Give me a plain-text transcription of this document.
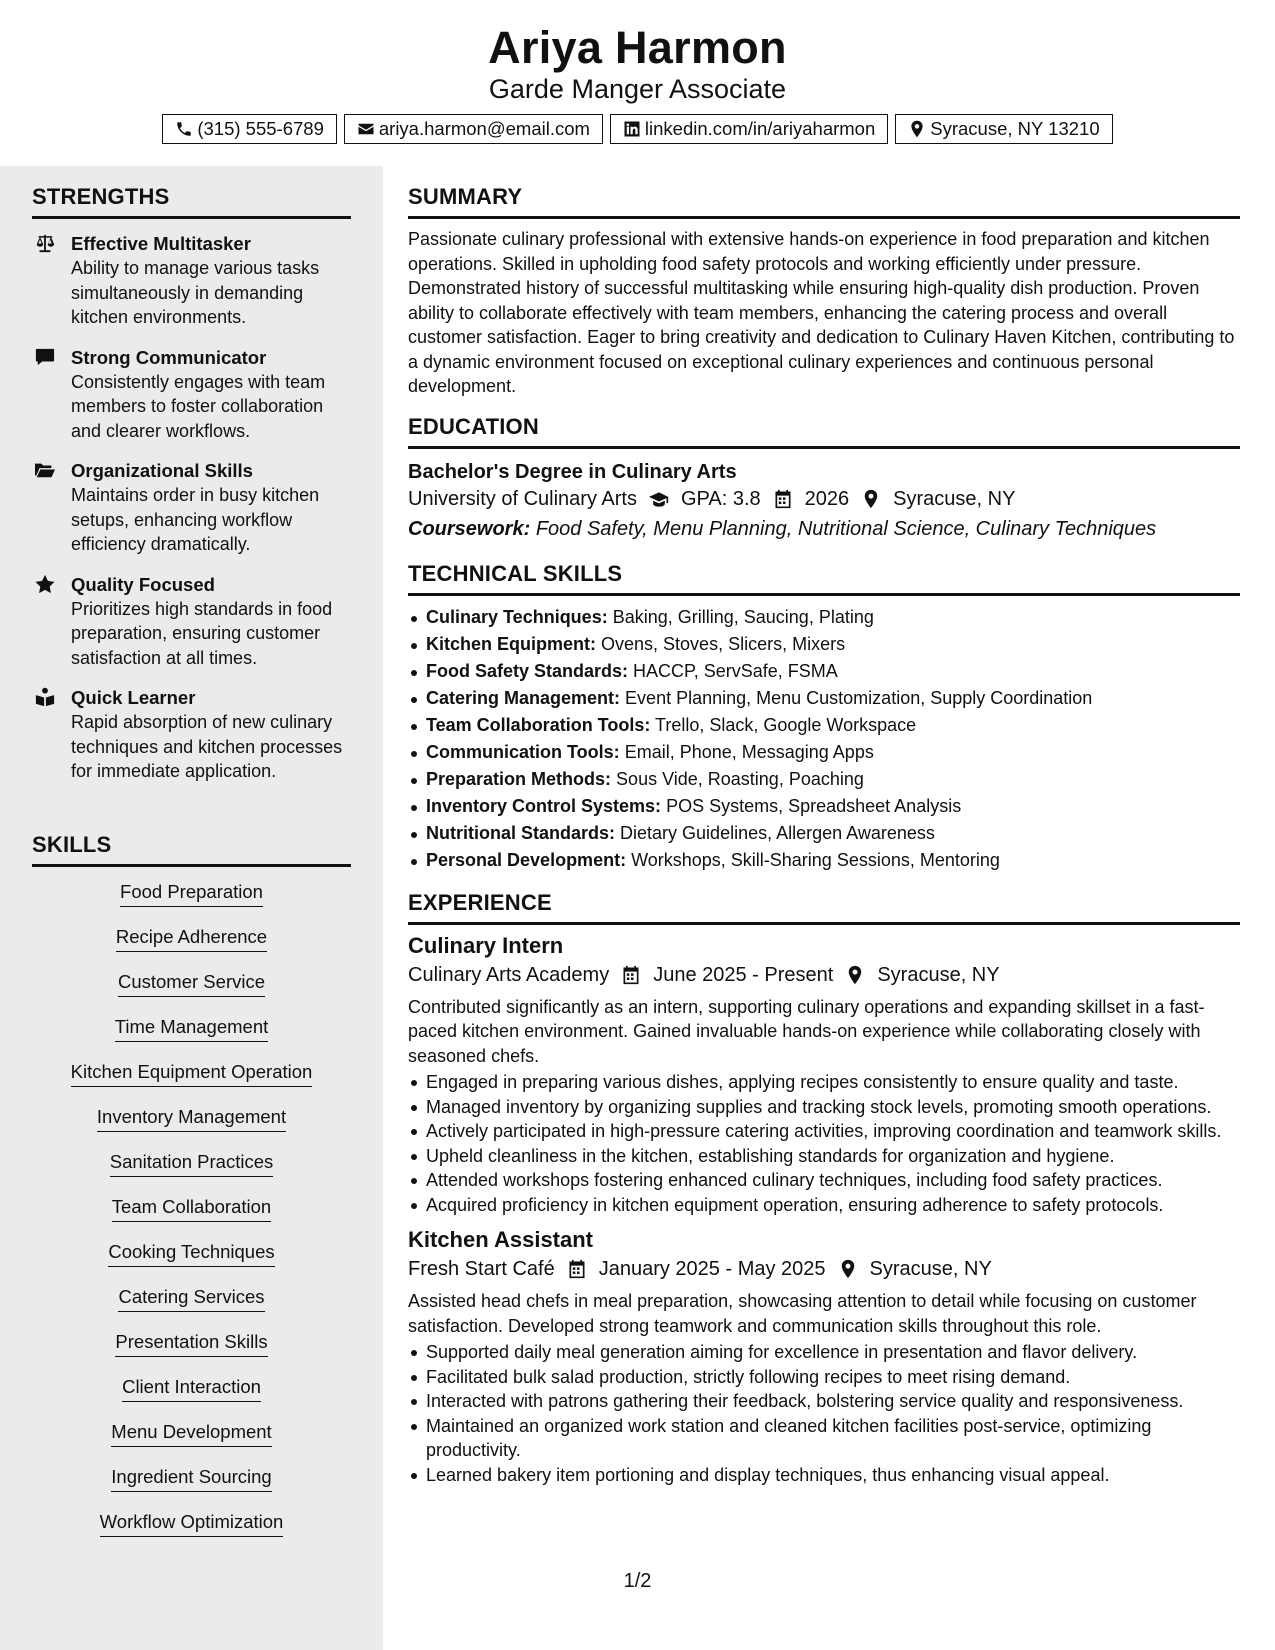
Ariya Harmon
Garde Manger Associate
(315) 555-6789	ariya.harmon@email.com	linkedin.com/in/ariyaharmon	Syracuse, NY 13210
STRENGTHS
Effective Multitasker
Ability to manage various tasks simultaneously in demanding kitchen environments.
Strong Communicator
Consistently engages with team members to foster collaboration and clearer workflows.
Organizational Skills
Maintains order in busy kitchen setups, enhancing workflow efficiency dramatically.
Quality Focused
Prioritizes high standards in food preparation, ensuring customer satisfaction at all times.
Quick Learner
Rapid absorption of new culinary techniques and kitchen processes for immediate application.
SKILLS
Food Preparation
Recipe Adherence
Customer Service
Time Management
Kitchen Equipment Operation
Inventory Management
Sanitation Practices
Team Collaboration
Cooking Techniques
Catering Services
Presentation Skills
Client Interaction
Menu Development
Ingredient Sourcing
Workflow Optimization
SUMMARY
Passionate culinary professional with extensive hands-on experience in food preparation and kitchen operations. Skilled in upholding food safety protocols and working efficiently under pressure. Demonstrated history of successful multitasking while ensuring high-quality dish production. Proven ability to collaborate effectively with team members, enhancing the catering process and overall customer satisfaction. Eager to bring creativity and dedication to Culinary Haven Kitchen, contributing to a dynamic environment focused on exceptional culinary experiences and continuous personal development.
EDUCATION
Bachelor's Degree in Culinary Arts
University of Culinary Arts GPA: 3.8 2026 Syracuse, NY
Coursework: Food Safety, Menu Planning, Nutritional Science, Culinary Techniques
TECHNICAL SKILLS
Culinary Techniques: Baking, Grilling, Saucing, Plating
Kitchen Equipment: Ovens, Stoves, Slicers, Mixers
Food Safety Standards: HACCP, ServSafe, FSMA
Catering Management: Event Planning, Menu Customization, Supply Coordination
Team Collaboration Tools: Trello, Slack, Google Workspace
Communication Tools: Email, Phone, Messaging Apps
Preparation Methods: Sous Vide, Roasting, Poaching
Inventory Control Systems: POS Systems, Spreadsheet Analysis
Nutritional Standards: Dietary Guidelines, Allergen Awareness
Personal Development: Workshops, Skill-Sharing Sessions, Mentoring
EXPERIENCE
Culinary Intern
Culinary Arts Academy June 2025 - Present Syracuse, NY
Contributed significantly as an intern, supporting culinary operations and expanding skillset in a fast-paced kitchen environment. Gained invaluable hands-on experience while collaborating closely with seasoned chefs.
Engaged in preparing various dishes, applying recipes consistently to ensure quality and taste.
Managed inventory by organizing supplies and tracking stock levels, promoting smooth operations.
Actively participated in high-pressure catering activities, improving coordination and teamwork skills.
Upheld cleanliness in the kitchen, establishing standards for organization and hygiene.
Attended workshops fostering enhanced culinary techniques, including food safety practices.
Acquired proficiency in kitchen equipment operation, ensuring adherence to safety protocols.
Kitchen Assistant
Fresh Start Café January 2025 - May 2025 Syracuse, NY
Assisted head chefs in meal preparation, showcasing attention to detail while focusing on customer satisfaction. Developed strong teamwork and communication skills throughout this role.
Supported daily meal generation aiming for excellence in presentation and flavor delivery.
Facilitated bulk salad production, strictly following recipes to meet rising demand.
Interacted with patrons gathering their feedback, bolstering service quality and responsiveness.
Maintained an organized work station and cleaned kitchen facilities post-service, optimizing productivity.
Learned bakery item portioning and display techniques, thus enhancing visual appeal.
1/2
